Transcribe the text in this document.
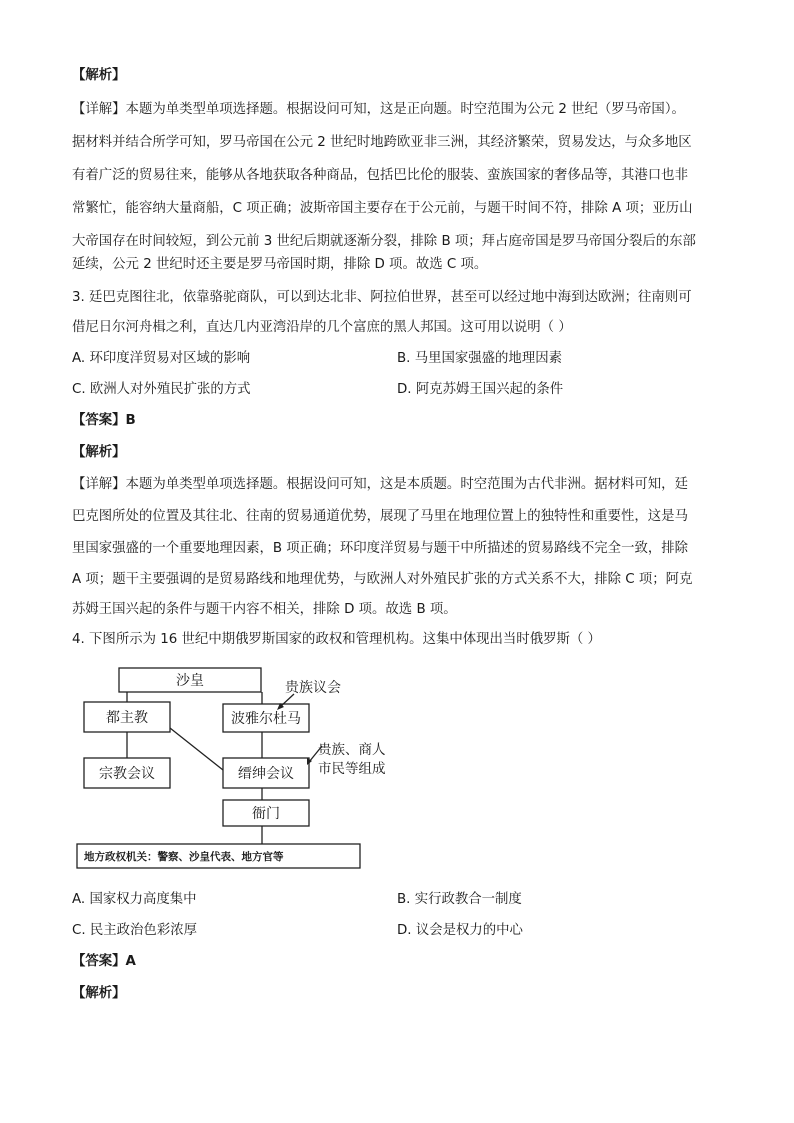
【解析】

【详解】本题为单类型单项选择题。根据设问可知，这是正向题。时空范围为公元 2 世纪（罗马帝国）。

据材料并结合所学可知，罗马帝国在公元 2 世纪时地跨欧亚非三洲，其经济繁荣，贸易发达，与众多地区

有着广泛的贸易往来，能够从各地获取各种商品，包括巴比伦的服装、蛮族国家的奢侈品等，其港口也非

常繁忙，能容纳大量商船，C 项正确；波斯帝国主要存在于公元前，与题干时间不符，排除 A 项；亚历山

大帝国存在时间较短，到公元前 3 世纪后期就逐渐分裂，排除 B 项；拜占庭帝国是罗马帝国分裂后的东部

延续，公元 2 世纪时还主要是罗马帝国时期，排除 D 项。故选 C 项。

3. 廷巴克图往北，依靠骆驼商队，可以到达北非、阿拉伯世界，甚至可以经过地中海到达欧洲；往南则可

借尼日尔河舟楫之利，直达几内亚湾沿岸的几个富庶的黑人邦国。这可用以说明（ ）

A. 环印度洋贸易对区域的影响	B. 马里国家强盛的地理因素
C. 欧洲人对外殖民扩张的方式	D. 阿克苏姆王国兴起的条件

【答案】B

【解析】

【详解】本题为单类型单项选择题。根据设问可知，这是本质题。时空范围为古代非洲。据材料可知，廷

巴克图所处的位置及其往北、往南的贸易通道优势，展现了马里在地理位置上的独特性和重要性，这是马

里国家强盛的一个重要地理因素，B 项正确；环印度洋贸易与题干中所描述的贸易路线不完全一致，排除

A 项；题干主要强调的是贸易路线和地理优势，与欧洲人对外殖民扩张的方式关系不大，排除 C 项；阿克

苏姆王国兴起的条件与题干内容不相关，排除 D 项。故选 B 项。

4. 下图所示为 16 世纪中期俄罗斯国家的政权和管理机构。这集中体现出当时俄罗斯（ ）

沙皇
都主教	波雅尔杜马
贵族议会
宗教会议	缙绅会议
贵族、商人
市民等组成
衙门
地方政权机关：警察、沙皇代表、地方官等
A. 国家权力高度集中	B. 实行政教合一制度
C. 民主政治色彩浓厚	D. 议会是权力的中心

【答案】A

【解析】
